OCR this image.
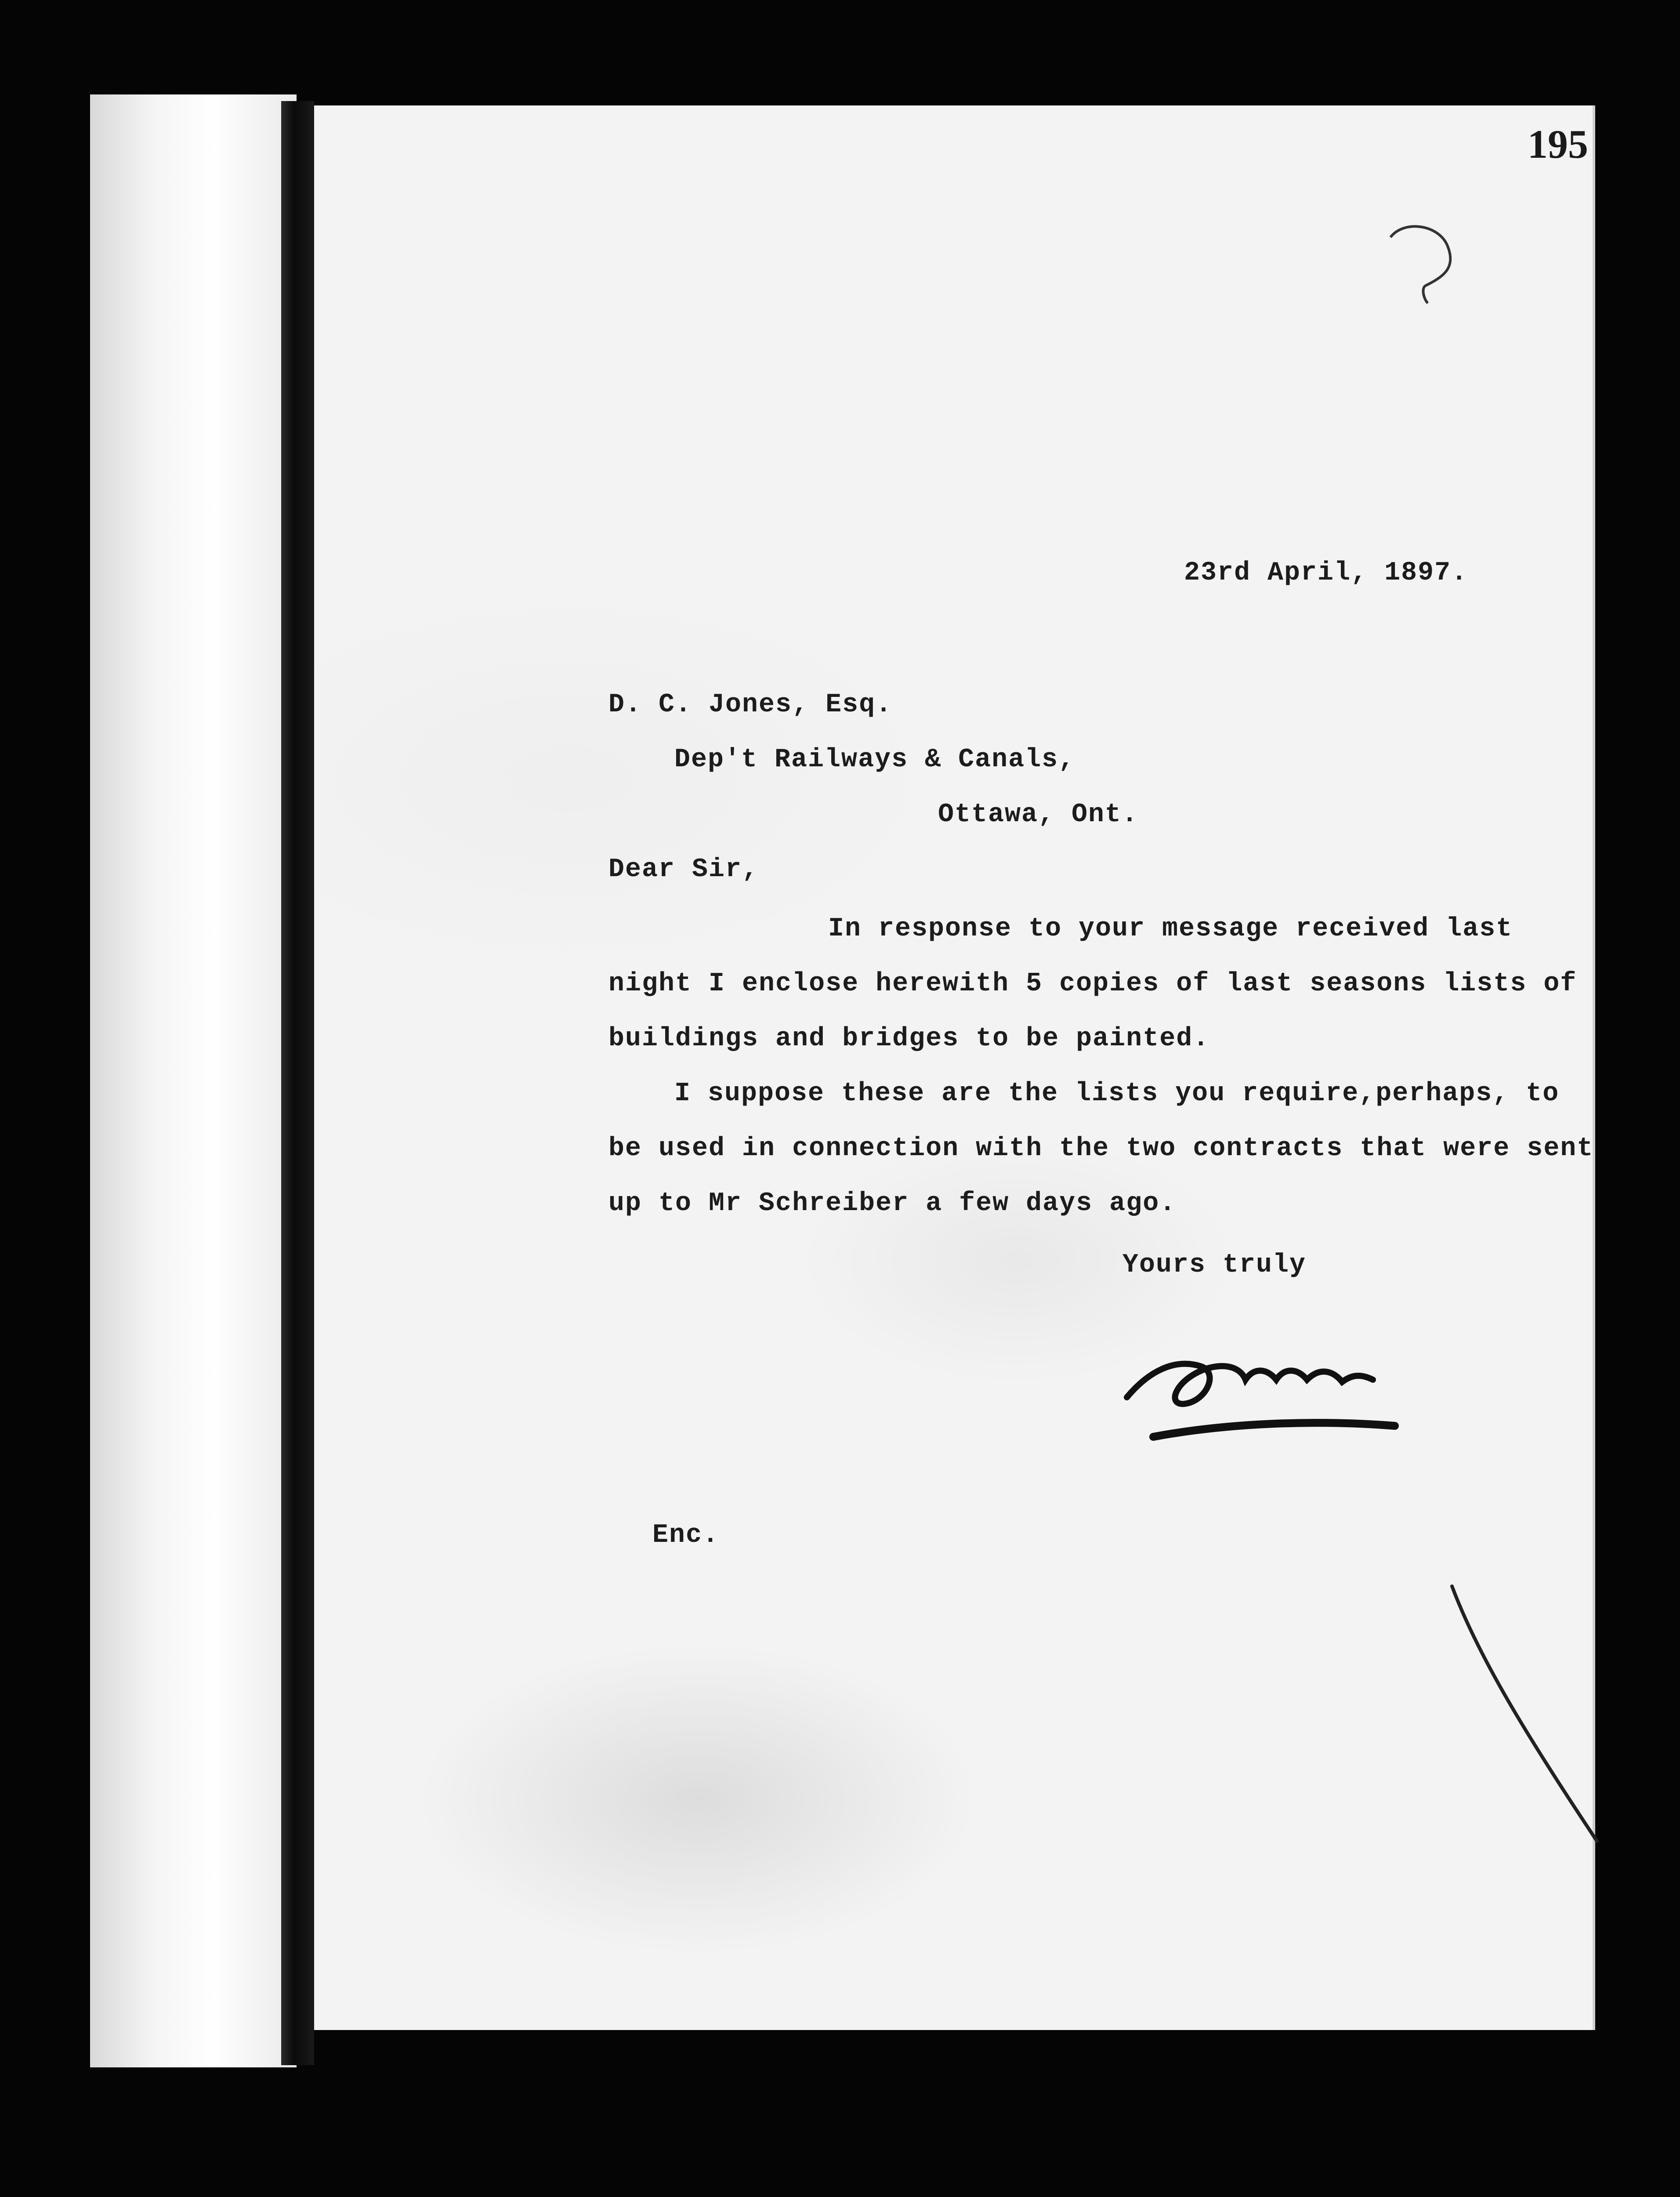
195
23rd April, 1897.
D. C. Jones, Esq.
Dep't Railways & Canals,
Ottawa, Ont.
Dear Sir,
In response to your message received last
night I enclose herewith 5 copies of last seasons lists of
buildings and bridges to be painted.
I suppose these are the lists you require,perhaps, to
be used in connection with the two contracts that were sent
up to Mr Schreiber a few days ago.
Yours truly
Enc.
